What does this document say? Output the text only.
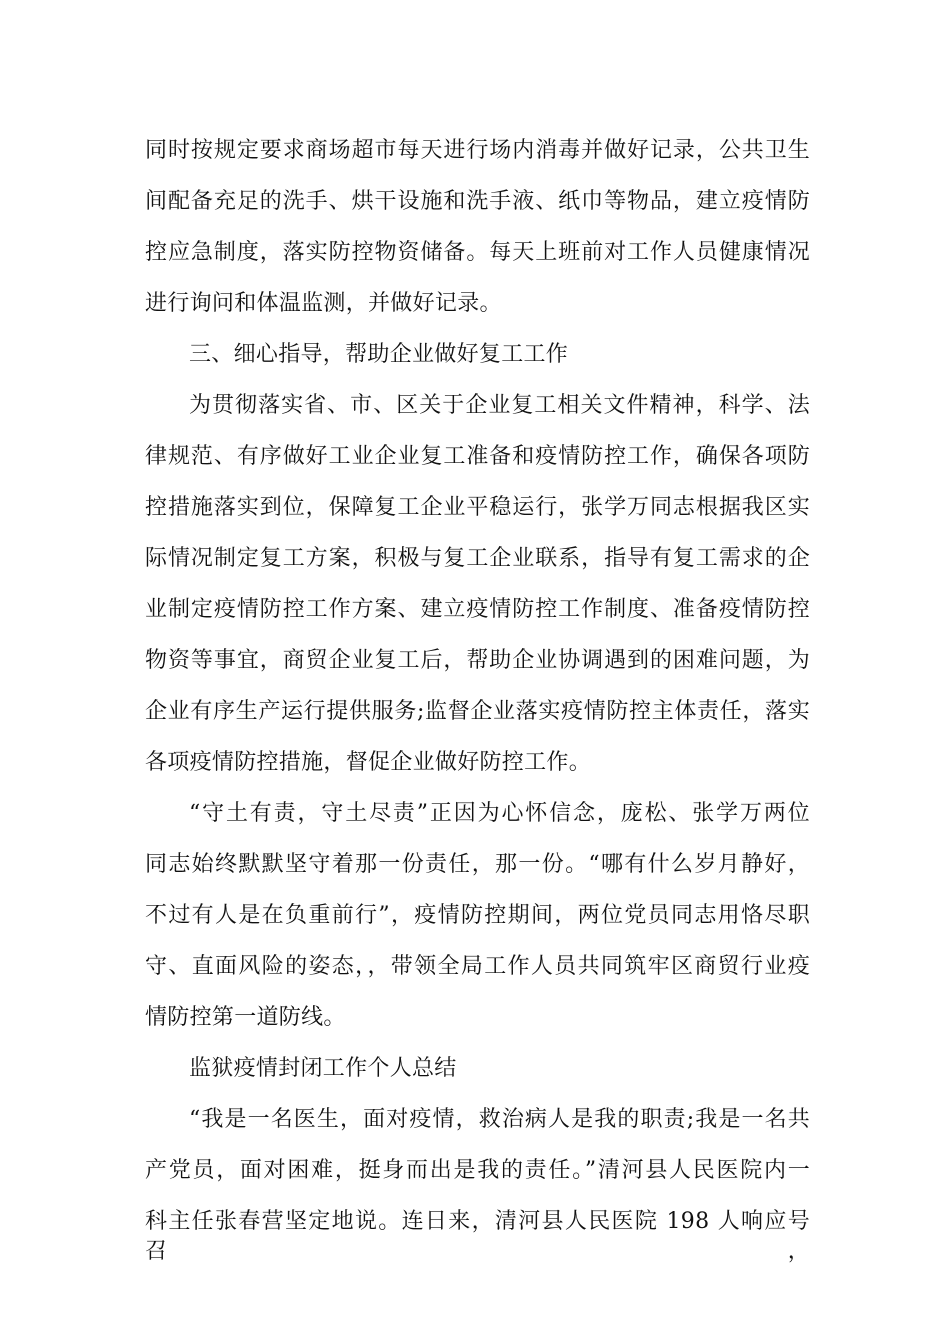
同时按规定要求商场超市每天进行场内消毒并做好记录，公共卫生
间配备充足的洗手、烘干设施和洗手液、纸巾等物品，建立疫情防
控应急制度，落实防控物资储备。每天上班前对工作人员健康情况
进行询问和体温监测，并做好记录。
三、细心指导，帮助企业做好复工工作
为贯彻落实省、市、区关于企业复工相关文件精神，科学、法
律规范、有序做好工业企业复工准备和疫情防控工作，确保各项防
控措施落实到位，保障复工企业平稳运行，张学万同志根据我区实
际情况制定复工方案，积极与复工企业联系，指导有复工需求的企
业制定疫情防控工作方案、建立疫情防控工作制度、准备疫情防控
物资等事宜，商贸企业复工后，帮助企业协调遇到的困难问题，为
企业有序生产运行提供服务;监督企业落实疫情防控主体责任，落实
各项疫情防控措施，督促企业做好防控工作。
“守土有责，守土尽责”正因为心怀信念，庞松、张学万两位
同志始终默默坚守着那一份责任，那一份。“哪有什么岁月静好，
不过有人是在负重前行”，疫情防控期间，两位党员同志用恪尽职
守、直面风险的姿态，，带领全局工作人员共同筑牢区商贸行业疫
情防控第一道防线。
监狱疫情封闭工作个人总结
“我是一名医生，面对疫情，救治病人是我的职责;我是一名共
产党员，面对困难，挺身而出是我的责任。”清河县人民医院内一
科主任张春营坚定地说。连日来，清河县人民医院 198 人响应号召，
